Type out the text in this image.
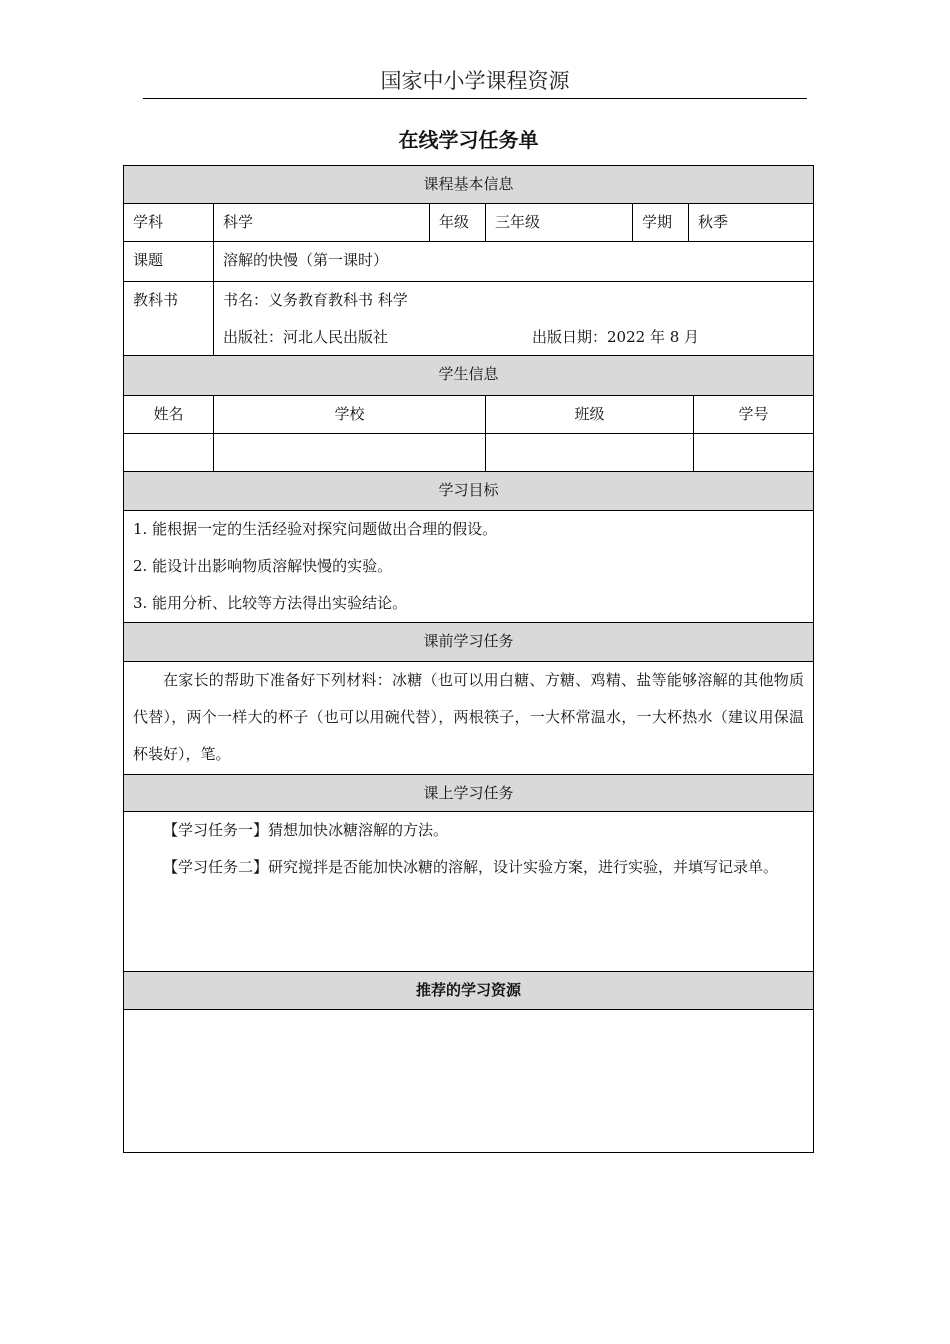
国家中小学课程资源
在线学习任务单
课程基本信息
学科	科学	年级	三年级	学期	秋季
课题	溶解的快慢（第一课时）
教科书	书名：义务教育教科书 科学
出版社：河北人民出版社	出版日期：2022 年 8 月
学生信息
姓名	学校	班级	学号
学习目标
1. 能根据一定的生活经验对探究问题做出合理的假设。
2. 能设计出影响物质溶解快慢的实验。
3. 能用分析、比较等方法得出实验结论。
课前学习任务

在家长的帮助下准备好下列材料：冰糖（也可以用白糖、方糖、鸡精、盐等能够溶解的其他物质代替），两个一样大的杯子（也可以用碗代替），两根筷子，一大杯常温水，一大杯热水（建议用保温杯装好），笔。

课上学习任务

【学习任务一】猜想加快冰糖溶解的方法。

【学习任务二】研究搅拌是否能加快冰糖的溶解，设计实验方案，进行实验，并填写记录单。

推荐的学习资源
